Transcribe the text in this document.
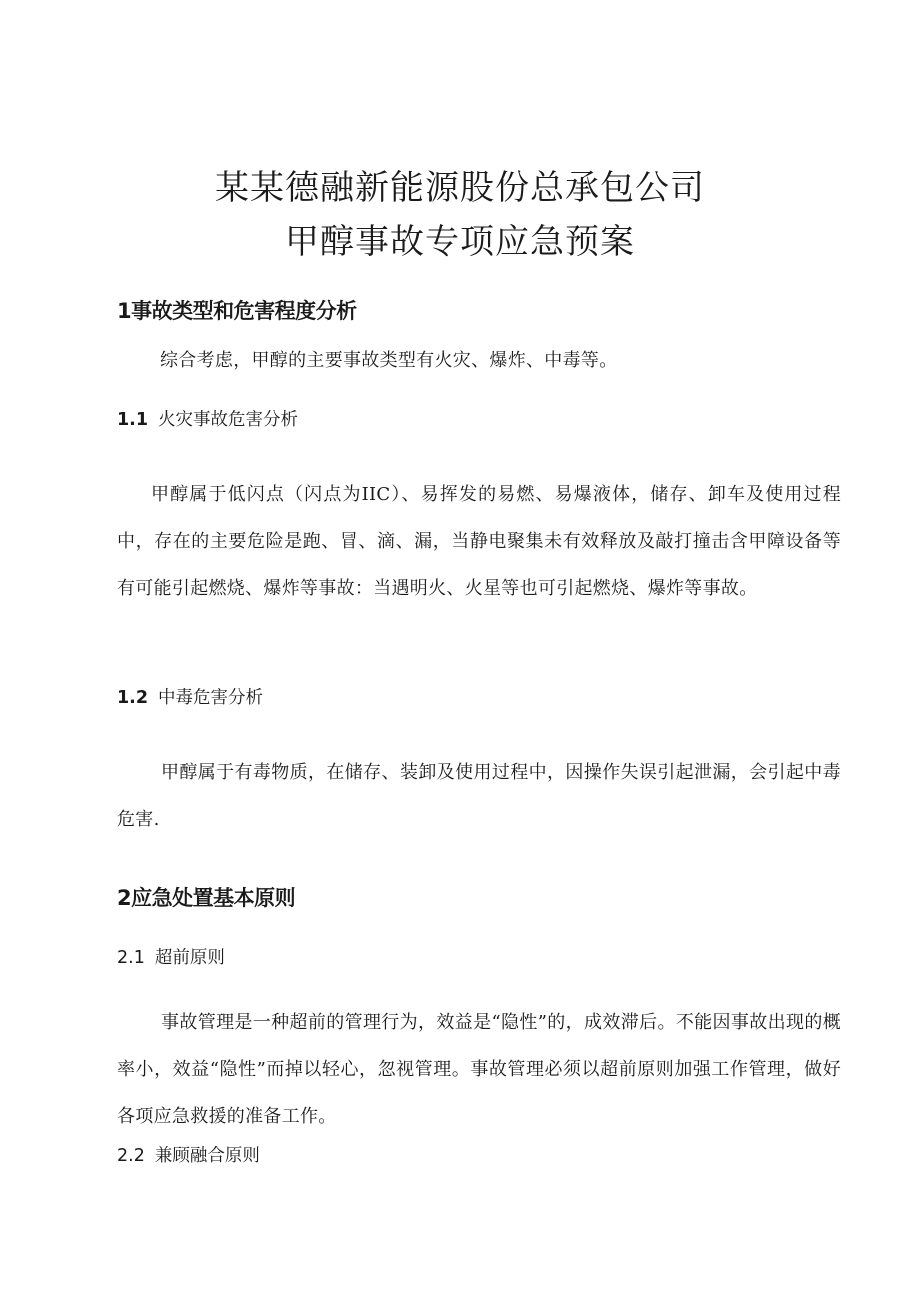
某某德融新能源股份总承包公司
甲醇事故专项应急预案
1事故类型和危害程度分析
综合考虑，甲醇的主要事故类型有火灾、爆炸、中毒等。
1.1 火灾事故危害分析
甲醇属于低闪点（闪点为IIC）、易挥发的易燃、易爆液体，储存、卸车及使用过程中，存在的主要危险是跑、冒、滴、漏，当静电聚集未有效释放及敲打撞击含甲障设备等有可能引起燃烧、爆炸等事故：当遇明火、火星等也可引起燃烧、爆炸等事故。
1.2 中毒危害分析
甲醇属于有毒物质，在储存、装卸及使用过程中，因操作失误引起泄漏，会引起中毒危害.
2应急处置基本原则
2.1 超前原则
事故管理是一种超前的管理行为，效益是“隐性”的，成效滞后。不能因事故出现的概率小，效益“隐性”而掉以轻心，忽视管理。事故管理必须以超前原则加强工作管理，做好各项应急救援的准备工作。
2.2 兼顾融合原则
